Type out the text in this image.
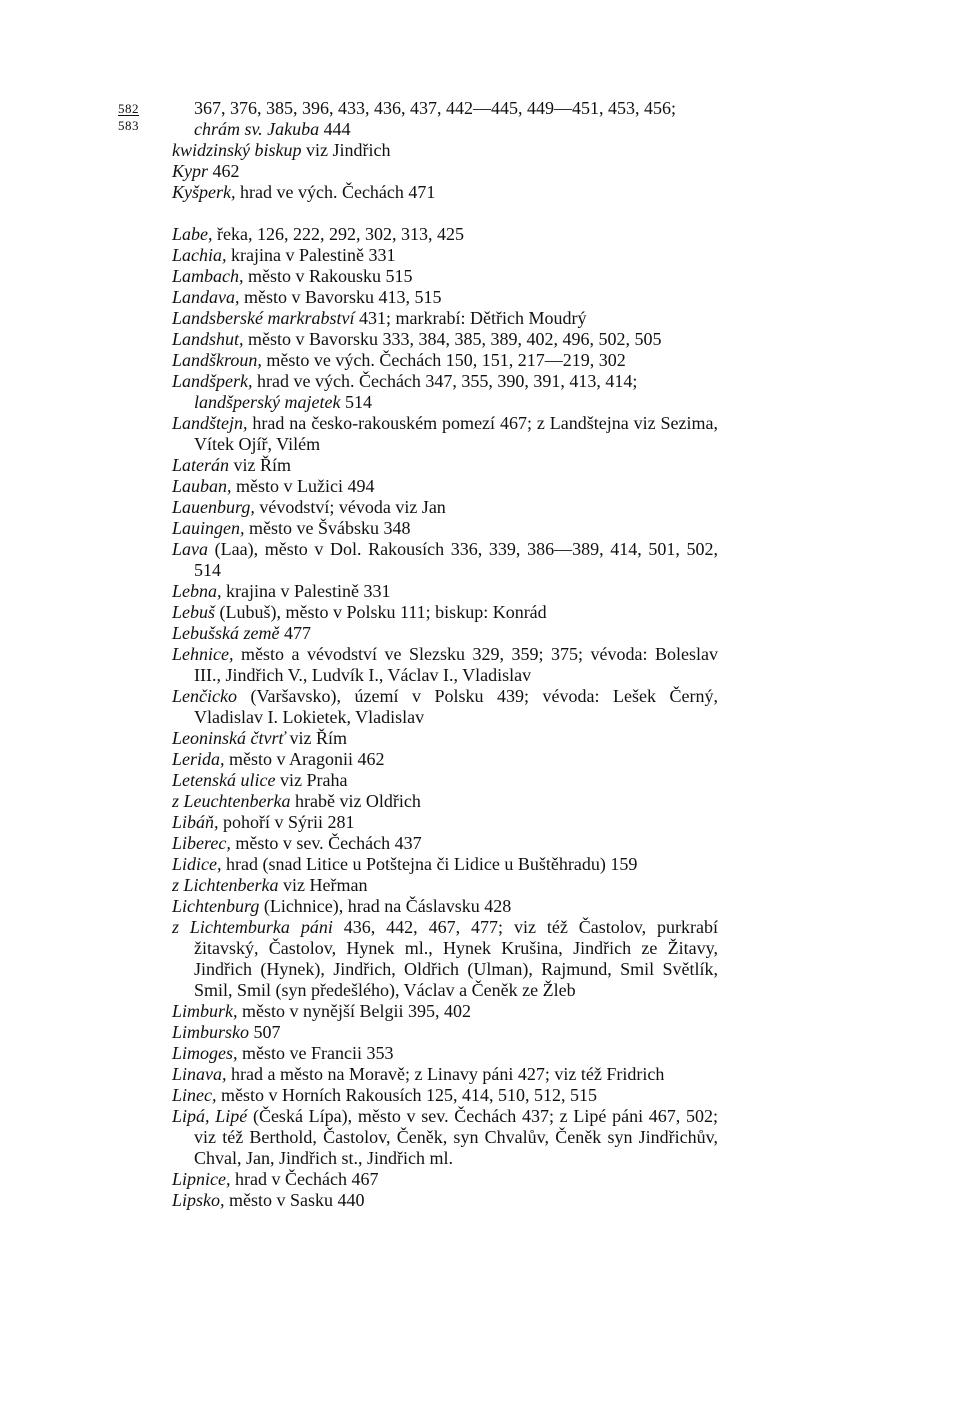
582
583

367, 376, 385, 396, 433, 436, 437, 442—445, 449—451, 453, 456;

chrám sv. Jakuba 444

kwidzinský biskup viz Jindřich

Kypr 462

Kyšperk, hrad ve vých. Čechách 471

Labe, řeka, 126, 222, 292, 302, 313, 425

Lachia, krajina v Palestině 331

Lambach, město v Rakousku 515

Landava, město v Bavorsku 413, 515

Landsberské markrabství 431; markrabí: Dětřich Moudrý

Landshut, město v Bavorsku 333, 384, 385, 389, 402, 496, 502, 505

Landškroun, město ve vých. Čechách 150, 151, 217—219, 302

Landšperk, hrad ve vých. Čechách 347, 355, 390, 391, 413, 414;

landšperský majetek 514

Landštejn, hrad na česko-rakouském pomezí 467; z Landštejna viz Sezima, Vítek Ojíř, Vilém

Laterán viz Řím

Lauban, město v Lužici 494

Lauenburg, vévodství; vévoda viz Jan

Lauingen, město ve Švábsku 348

Lava (Laa), město v Dol. Rakousích 336, 339, 386—389, 414, 501, 502, 514

Lebna, krajina v Palestině 331

Lebuš (Lubuš), město v Polsku 111; biskup: Konrád

Lebušská země 477

Lehnice, město a vévodství ve Slezsku 329, 359; 375; vévoda: Boleslav III., Jindřich V., Ludvík I., Václav I., Vladislav

Lenčicko (Varšavsko), území v Polsku 439; vévoda: Lešek Černý, Vladislav I. Lokietek, Vladislav

Leoninská čtvrť viz Řím

Lerida, město v Aragonii 462

Letenská ulice viz Praha

z Leuchtenberka hrabě viz Oldřich

Libáň, pohoří v Sýrii 281

Liberec, město v sev. Čechách 437

Lidice, hrad (snad Litice u Potštejna či Lidice u Buštěhradu) 159

z Lichtenberka viz Heřman

Lichtenburg (Lichnice), hrad na Čáslavsku 428

z Lichtemburka páni 436, 442, 467, 477; viz též Častolov, purkrabí žitavský, Častolov, Hynek ml., Hynek Krušina, Jindřich ze Žitavy, Jindřich (Hynek), Jindřich, Oldřich (Ulman), Rajmund, Smil Světlík, Smil, Smil (syn předešlého), Václav a Čeněk ze Žleb

Limburk, město v nynější Belgii 395, 402

Limbursko 507

Limoges, město ve Francii 353

Linava, hrad a město na Moravě; z Linavy páni 427; viz též Fridrich

Linec, město v Horních Rakousích 125, 414, 510, 512, 515

Lipá, Lipé (Česká Lípa), město v sev. Čechách 437; z Lipé páni 467, 502; viz též Berthold, Častolov, Čeněk, syn Chvalův, Čeněk syn Jindřichův, Chval, Jan, Jindřich st., Jindřich ml.

Lipnice, hrad v Čechách 467

Lipsko, město v Sasku 440
